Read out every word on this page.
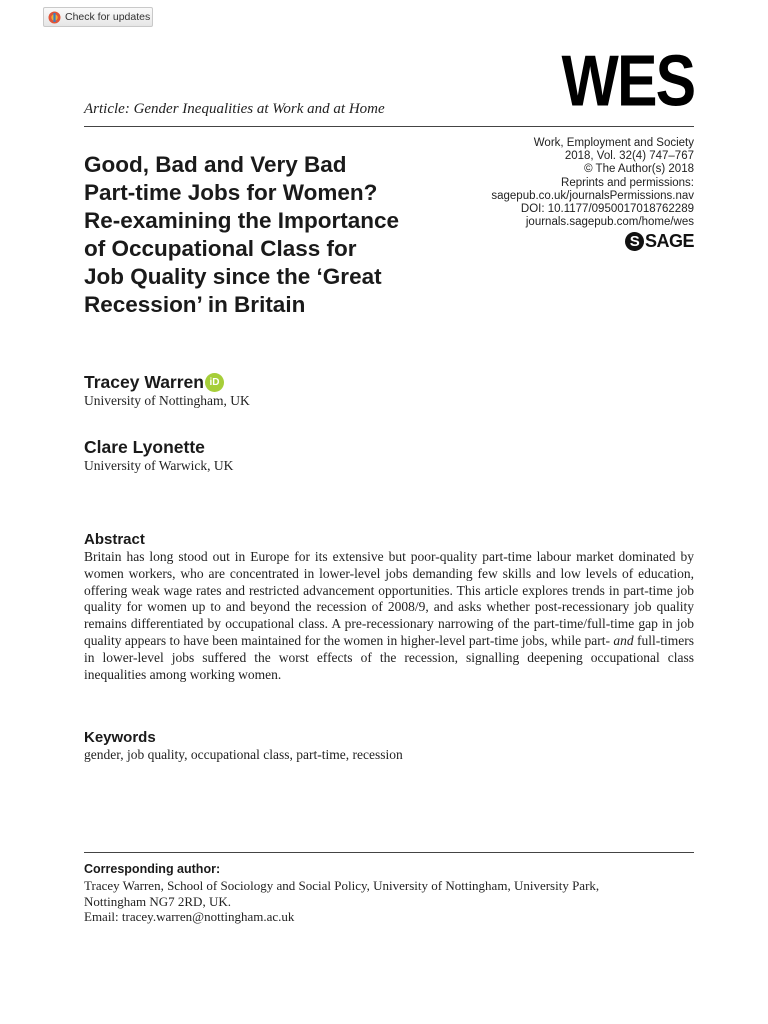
Check for updates
WES
Article: Gender Inequalities at Work and at Home
Work, Employment and Society
2018, Vol. 32(4) 747–767
© The Author(s) 2018
Reprints and permissions:
sagepub.co.uk/journalsPermissions.nav
DOI: 10.1177/0950017018762289
journals.sagepub.com/home/wes
S SAGE
Good, Bad and Very Bad
Part-time Jobs for Women?
Re-examining the Importance
of Occupational Class for
Job Quality since the ‘Great
Recession’ in Britain
Tracey Warren iD
University of Nottingham, UK
Clare Lyonette
University of Warwick, UK
Abstract

Britain has long stood out in Europe for its extensive but poor-quality part-time labour market dominated by women workers, who are concentrated in lower-level jobs demanding few skills and low levels of education, offering weak wage rates and restricted advancement opportunities. This article explores trends in part-time job quality for women up to and beyond the recession of 2008/9, and asks whether post-recessionary job quality remains differentiated by occupational class. A pre-recessionary narrowing of the part-time/full-time gap in job quality appears to have been maintained for the women in higher-level part-time jobs, while part- and full-timers in lower-level jobs suffered the worst effects of the recession, signalling deepening occupational class inequalities among working women.

Keywords
gender, job quality, occupational class, part-time, recession
Corresponding author:
Tracey Warren, School of Sociology and Social Policy, University of Nottingham, University Park,
Nottingham NG7 2RD, UK.
Email: tracey.warren@nottingham.ac.uk
